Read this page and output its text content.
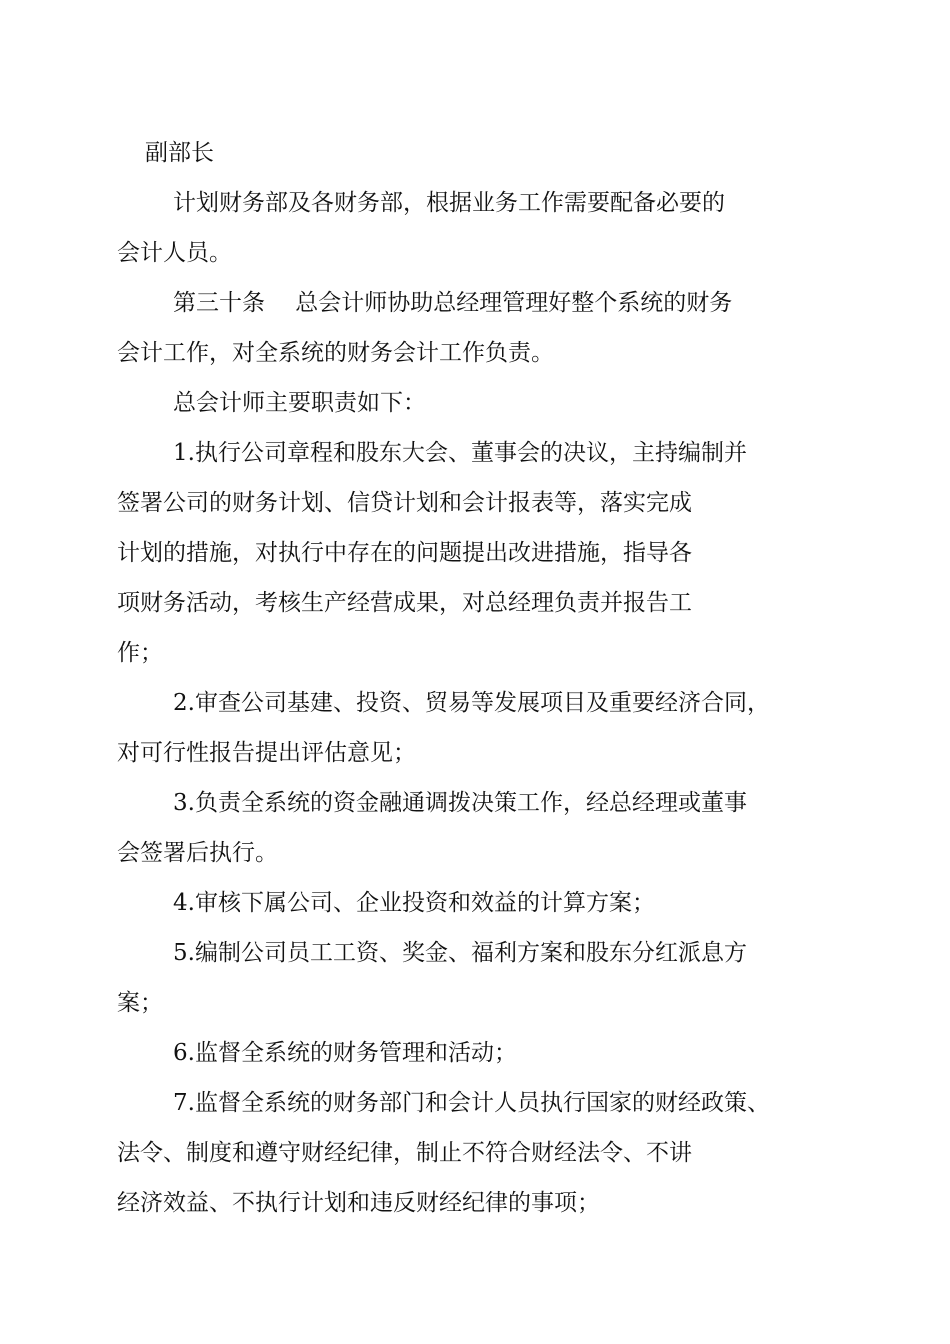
副部长

计划财务部及各财务部，根据业务工作需要配备必要的
会计人员。

第三十条　 总会计师协助总经理管理好整个系统的财务
会计工作，对全系统的财务会计工作负责。

总会计师主要职责如下：

1.执行公司章程和股东大会、董事会的决议，主持编制并
签署公司的财务计划、信贷计划和会计报表等，落实完成
计划的措施，对执行中存在的问题提出改进措施，指导各
项财务活动，考核生产经营成果，对总经理负责并报告工
作；

2.审查公司基建、投资、贸易等发展项目及重要经济合同，
对可行性报告提出评估意见；

3.负责全系统的资金融通调拨决策工作，经总经理或董事
会签署后执行。

4.审核下属公司、企业投资和效益的计算方案；

5.编制公司员工工资、奖金、福利方案和股东分红派息方
案；

6.监督全系统的财务管理和活动；

7.监督全系统的财务部门和会计人员执行国家的财经政策、
法令、制度和遵守财经纪律，制止不符合财经法令、不讲
经济效益、不执行计划和违反财经纪律的事项；
